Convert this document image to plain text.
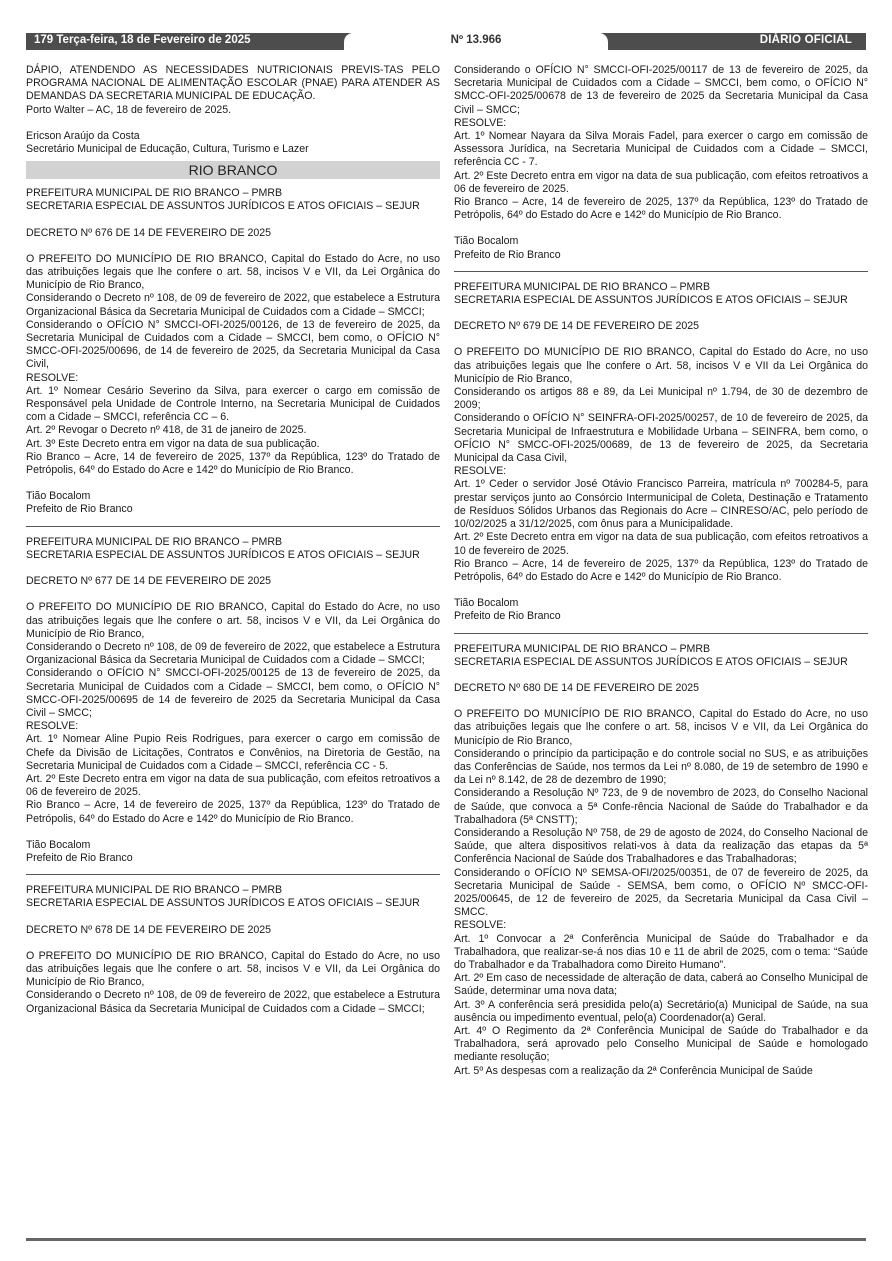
179 Terça-feira, 18 de Fevereiro de 2025	Nº 13.966	DIÁRIO OFICIAL

DÁPIO, ATENDENDO AS NECESSIDADES NUTRICIONAIS PREVIS-TAS PELO PROGRAMA NACIONAL DE ALIMENTAÇÃO ESCOLAR (PNAE) PARA ATENDER AS DEMANDAS DA SECRETARIA MUNICIPAL DE EDUCAÇÃO.

Porto Walter – AC, 18 de fevereiro de 2025.

Ericson Araújo da Costa

Secretário Municipal de Educação, Cultura, Turismo e Lazer

RIO BRANCO

PREFEITURA MUNICIPAL DE RIO BRANCO – PMRB

SECRETARIA ESPECIAL DE ASSUNTOS JURÍDICOS E ATOS OFICIAIS – SEJUR

DECRETO Nº 676 DE 14 DE FEVEREIRO DE 2025

O PREFEITO DO MUNICÍPIO DE RIO BRANCO, Capital do Estado do Acre, no uso das atribuições legais que lhe confere o art. 58, incisos V e VII, da Lei Orgânica do Município de Rio Branco,

Considerando o Decreto nº 108, de 09 de fevereiro de 2022, que estabelece a Estrutura Organizacional Básica da Secretaria Municipal de Cuidados com a Cidade – SMCCI;

Considerando o OFÍCIO N° SMCCI-OFI-2025/00126, de 13 de fevereiro de 2025, da Secretaria Municipal de Cuidados com a Cidade – SMCCI, bem como, o OFÍCIO N° SMCC-OFI-2025/00696, de 14 de fevereiro de 2025, da Secretaria Municipal da Casa Civil,

RESOLVE:

Art. 1º Nomear Cesário Severino da Silva, para exercer o cargo em comissão de Responsável pela Unidade de Controle Interno, na Secretaria Municipal de Cuidados com a Cidade – SMCCI, referência CC – 6.

Art. 2º Revogar o Decreto nº 418, de 31 de janeiro de 2025.

Art. 3º Este Decreto entra em vigor na data de sua publicação.

Rio Branco – Acre, 14 de fevereiro de 2025, 137º da República, 123º do Tratado de Petrópolis, 64º do Estado do Acre e 142º do Município de Rio Branco.

Tião Bocalom

Prefeito de Rio Branco

PREFEITURA MUNICIPAL DE RIO BRANCO – PMRB

SECRETARIA ESPECIAL DE ASSUNTOS JURÍDICOS E ATOS OFICIAIS – SEJUR

DECRETO Nº 677 DE 14 DE FEVEREIRO DE 2025

O PREFEITO DO MUNICÍPIO DE RIO BRANCO, Capital do Estado do Acre, no uso das atribuições legais que lhe confere o art. 58, incisos V e VII, da Lei Orgânica do Município de Rio Branco,

Considerando o Decreto nº 108, de 09 de fevereiro de 2022, que estabelece a Estrutura Organizacional Básica da Secretaria Municipal de Cuidados com a Cidade – SMCCI;

Considerando o OFÍCIO N° SMCCI-OFI-2025/00125 de 13 de fevereiro de 2025, da Secretaria Municipal de Cuidados com a Cidade – SMCCI, bem como, o OFÍCIO N° SMCC-OFI-2025/00695 de 14 de fevereiro de 2025 da Secretaria Municipal da Casa Civil – SMCC;

RESOLVE:

Art. 1º Nomear Aline Pupio Reis Rodrigues, para exercer o cargo em comissão de Chefe da Divisão de Licitações, Contratos e Convênios, na Diretoria de Gestão, na Secretaria Municipal de Cuidados com a Cidade – SMCCI, referência CC - 5.

Art. 2º Este Decreto entra em vigor na data de sua publicação, com efeitos retroativos a 06 de fevereiro de 2025.

Rio Branco – Acre, 14 de fevereiro de 2025, 137º da República, 123º do Tratado de Petrópolis, 64º do Estado do Acre e 142º do Município de Rio Branco.

Tião Bocalom

Prefeito de Rio Branco

PREFEITURA MUNICIPAL DE RIO BRANCO – PMRB

SECRETARIA ESPECIAL DE ASSUNTOS JURÍDICOS E ATOS OFICIAIS – SEJUR

DECRETO Nº 678 DE 14 DE FEVEREIRO DE 2025

O PREFEITO DO MUNICÍPIO DE RIO BRANCO, Capital do Estado do Acre, no uso das atribuições legais que lhe confere o art. 58, incisos V e VII, da Lei Orgânica do Município de Rio Branco,

Considerando o Decreto nº 108, de 09 de fevereiro de 2022, que estabelece a Estrutura Organizacional Básica da Secretaria Municipal de Cuidados com a Cidade – SMCCI;

Considerando o OFÍCIO N° SMCCI-OFI-2025/00117 de 13 de fevereiro de 2025, da Secretaria Municipal de Cuidados com a Cidade – SMCCI, bem como, o OFÍCIO N° SMCC-OFI-2025/00678 de 13 de fevereiro de 2025 da Secretaria Municipal da Casa Civil – SMCC;

RESOLVE:

Art. 1º Nomear Nayara da Silva Morais Fadel, para exercer o cargo em comissão de Assessora Jurídica, na Secretaria Municipal de Cuidados com a Cidade – SMCCI, referência CC - 7.

Art. 2º Este Decreto entra em vigor na data de sua publicação, com efeitos retroativos a 06 de fevereiro de 2025.

Rio Branco – Acre, 14 de fevereiro de 2025, 137º da República, 123º do Tratado de Petrópolis, 64º do Estado do Acre e 142º do Município de Rio Branco.

Tião Bocalom

Prefeito de Rio Branco

PREFEITURA MUNICIPAL DE RIO BRANCO – PMRB

SECRETARIA ESPECIAL DE ASSUNTOS JURÍDICOS E ATOS OFICIAIS – SEJUR

DECRETO Nº 679 DE 14 DE FEVEREIRO DE 2025

O PREFEITO DO MUNICÍPIO DE RIO BRANCO, Capital do Estado do Acre, no uso das atribuições legais que lhe confere o Art. 58, incisos V e VII da Lei Orgânica do Município de Rio Branco,

Considerando os artigos 88 e 89, da Lei Municipal nº 1.794, de 30 de dezembro de 2009;

Considerando o OFÍCIO N° SEINFRA-OFI-2025/00257, de 10 de fevereiro de 2025, da Secretaria Municipal de Infraestrutura e Mobilidade Urbana – SEINFRA, bem como, o OFÍCIO N° SMCC-OFI-2025/00689, de 13 de fevereiro de 2025, da Secretaria Municipal da Casa Civil,

RESOLVE:

Art. 1º Ceder o servidor José Otávio Francisco Parreira, matrícula nº 700284-5, para prestar serviços junto ao Consórcio Intermunicipal de Coleta, Destinação e Tratamento de Resíduos Sólidos Urbanos das Regionais do Acre – CINRESO/AC, pelo período de 10/02/2025 a 31/12/2025, com ônus para a Municipalidade.

Art. 2º Este Decreto entra em vigor na data de sua publicação, com efeitos retroativos a 10 de fevereiro de 2025.

Rio Branco – Acre, 14 de fevereiro de 2025, 137º da República, 123º do Tratado de Petrópolis, 64º do Estado do Acre e 142º do Município de Rio Branco.

Tião Bocalom

Prefeito de Rio Branco

PREFEITURA MUNICIPAL DE RIO BRANCO – PMRB

SECRETARIA ESPECIAL DE ASSUNTOS JURÍDICOS E ATOS OFICIAIS – SEJUR

DECRETO Nº 680 DE 14 DE FEVEREIRO DE 2025

O PREFEITO DO MUNICÍPIO DE RIO BRANCO, Capital do Estado do Acre, no uso das atribuições legais que lhe confere o art. 58, incisos V e VII, da Lei Orgânica do Município de Rio Branco,

Considerando o princípio da participação e do controle social no SUS, e as atribuições das Conferências de Saúde, nos termos da Lei nº 8.080, de 19 de setembro de 1990 e da Lei nº 8.142, de 28 de dezembro de 1990;

Considerando a Resolução Nº 723, de 9 de novembro de 2023, do Conselho Nacional de Saúde, que convoca a 5ª Confe-rência Nacional de Saúde do Trabalhador e da Trabalhadora (5ª CNSTT);

Considerando a Resolução Nº 758, de 29 de agosto de 2024, do Conselho Nacional de Saúde, que altera dispositivos relati-vos à data da realização das etapas da 5ª Conferência Nacional de Saúde dos Trabalhadores e das Trabalhadoras;

Considerando o OFÍCIO Nº SEMSA-OFI/2025/00351, de 07 de fevereiro de 2025, da Secretaria Municipal de Saúde - SEMSA, bem como, o OFÍCIO Nº SMCC-OFI-2025/00645, de 12 de fevereiro de 2025, da Secretaria Municipal da Casa Civil – SMCC.

RESOLVE:

Art. 1º Convocar a 2ª Conferência Municipal de Saúde do Trabalhador e da Trabalhadora, que realizar-se-á nos dias 10 e 11 de abril de 2025, com o tema: “Saúde do Trabalhador e da Trabalhadora como Direito Humano”.

Art. 2º Em caso de necessidade de alteração de data, caberá ao Conselho Municipal de Saúde, determinar uma nova data;

Art. 3º A conferência será presidida pelo(a) Secretário(a) Municipal de Saúde, na sua ausência ou impedimento eventual, pelo(a) Coordenador(a) Geral.

Art. 4º O Regimento da 2ª Conferência Municipal de Saúde do Trabalhador e da Trabalhadora, será aprovado pelo Conselho Municipal de Saúde e homologado mediante resolução;

Art. 5º As despesas com a realização da 2ª Conferência Municipal de Saúde
